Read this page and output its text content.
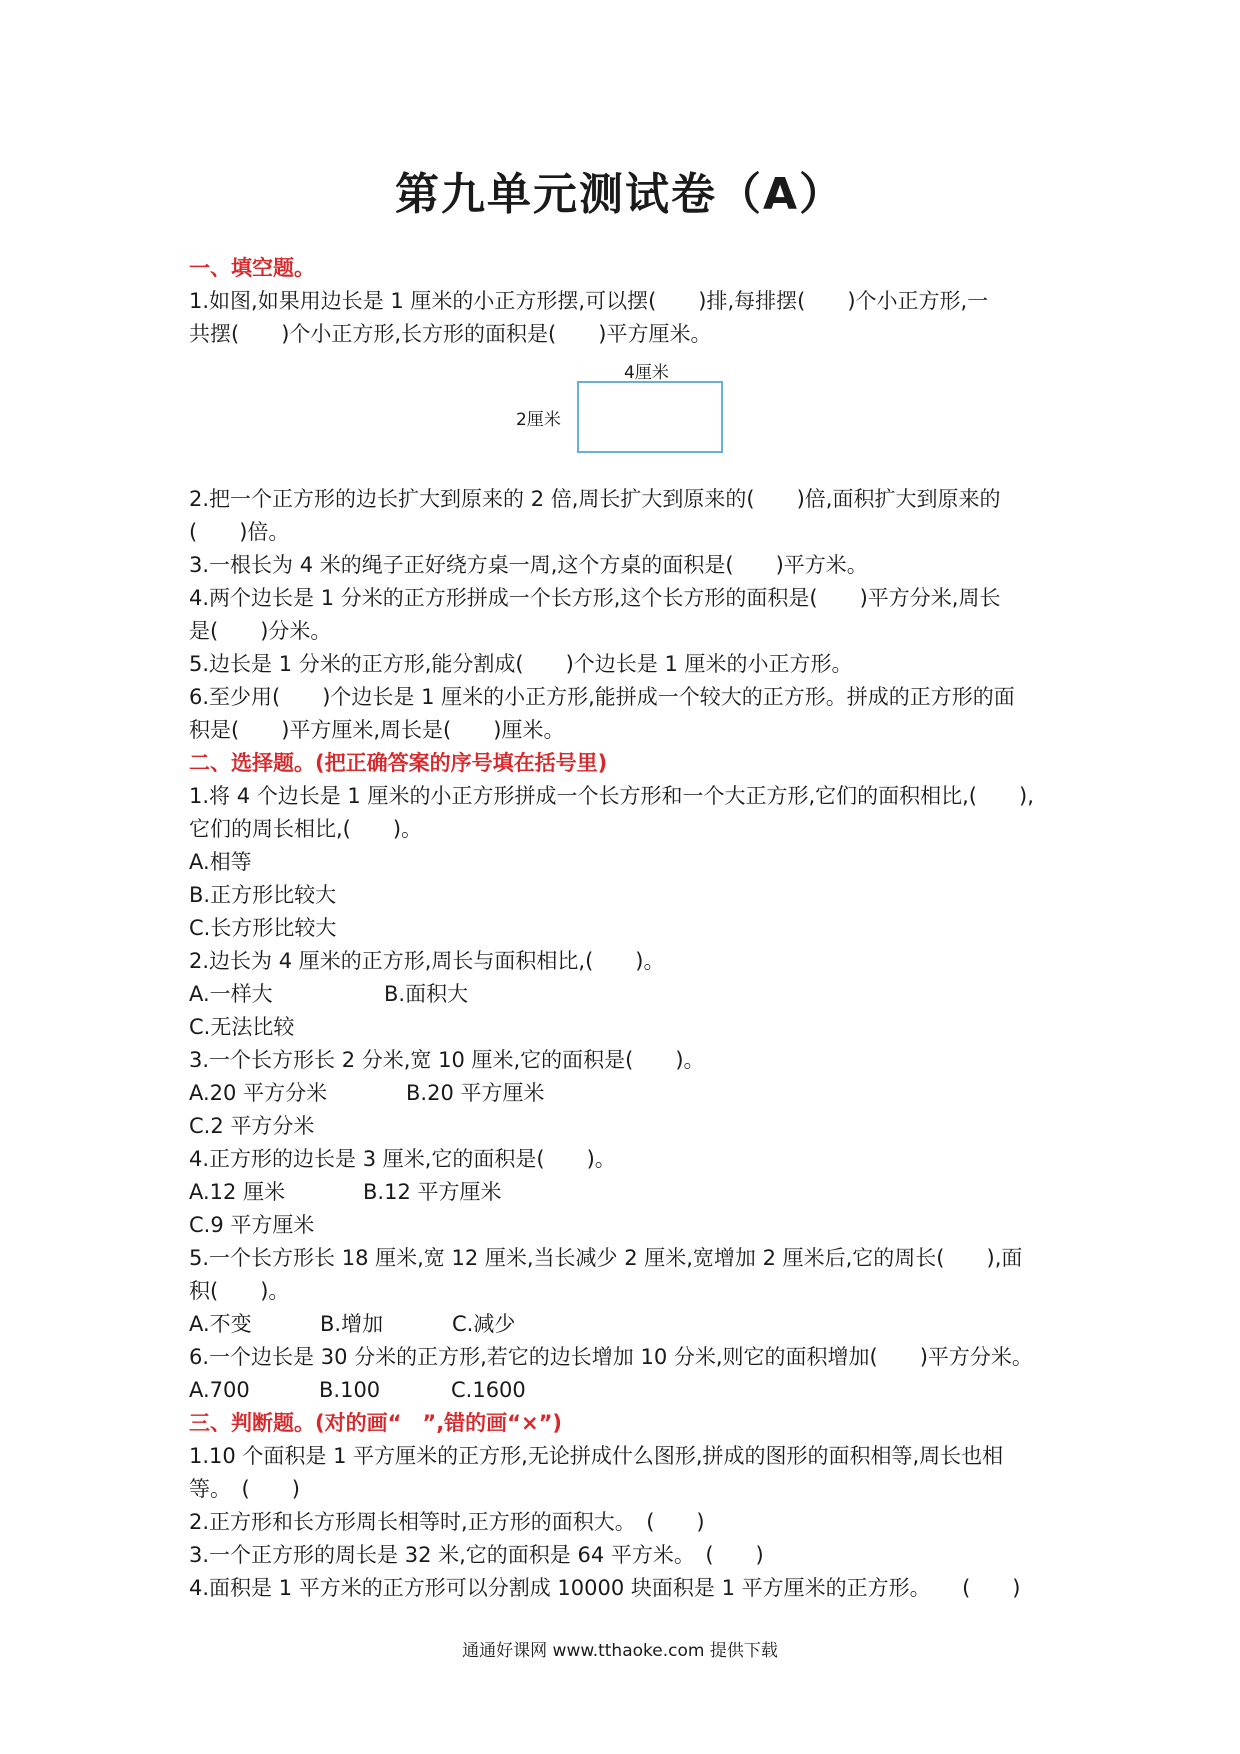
第九单元测试卷（A）
一、填空题。
1.如图,如果用边长是 1 厘米的小正方形摆,可以摆(　　)排,每排摆(　　)个小正方形,一
共摆(　　)个小正方形,长方形的面积是(　　)平方厘米。
4厘米
2厘米
2.把一个正方形的边长扩大到原来的 2 倍,周长扩大到原来的(　　)倍,面积扩大到原来的
(　　)倍。
3.一根长为 4 米的绳子正好绕方桌一周,这个方桌的面积是(　　)平方米。
4.两个边长是 1 分米的正方形拼成一个长方形,这个长方形的面积是(　　)平方分米,周长
是(　　)分米。
5.边长是 1 分米的正方形,能分割成(　　)个边长是 1 厘米的小正方形。
6.至少用(　　)个边长是 1 厘米的小正方形,能拼成一个较大的正方形。拼成的正方形的面
积是(　　)平方厘米,周长是(　　)厘米。
二、选择题。(把正确答案的序号填在括号里)
1.将 4 个边长是 1 厘米的小正方形拼成一个长方形和一个大正方形,它们的面积相比,(　　),
它们的周长相比,(　　)。
A.相等
B.正方形比较大
C.长方形比较大
2.边长为 4 厘米的正方形,周长与面积相比,(　　)。
A.一样大	B.面积大
C.无法比较
3.一个长方形长 2 分米,宽 10 厘米,它的面积是(　　)。
A.20 平方分米	B.20 平方厘米
C.2 平方分米
4.正方形的边长是 3 厘米,它的面积是(　　)。
A.12 厘米	B.12 平方厘米
C.9 平方厘米
5.一个长方形长 18 厘米,宽 12 厘米,当长减少 2 厘米,宽增加 2 厘米后,它的周长(　　),面
积(　　)。
A.不变	B.增加	C.减少
6.一个边长是 30 分米的正方形,若它的边长增加 10 分米,则它的面积增加(　　)平方分米。
A.700	B.100	C.1600
三、判断题。(对的画“　”,错的画“×”)
1.10 个面积是 1 平方厘米的正方形,无论拼成什么图形,拼成的图形的面积相等,周长也相
等。　(　　)
2.正方形和长方形周长相等时,正方形的面积大。　(　　)
3.一个正方形的周长是 32 米,它的面积是 64 平方米。　(　　)
4.面积是 1 平方米的正方形可以分割成 10000 块面积是 1 平方厘米的正方形。　　(　　)
通通好课网 www.tthaoke.com 提供下载
